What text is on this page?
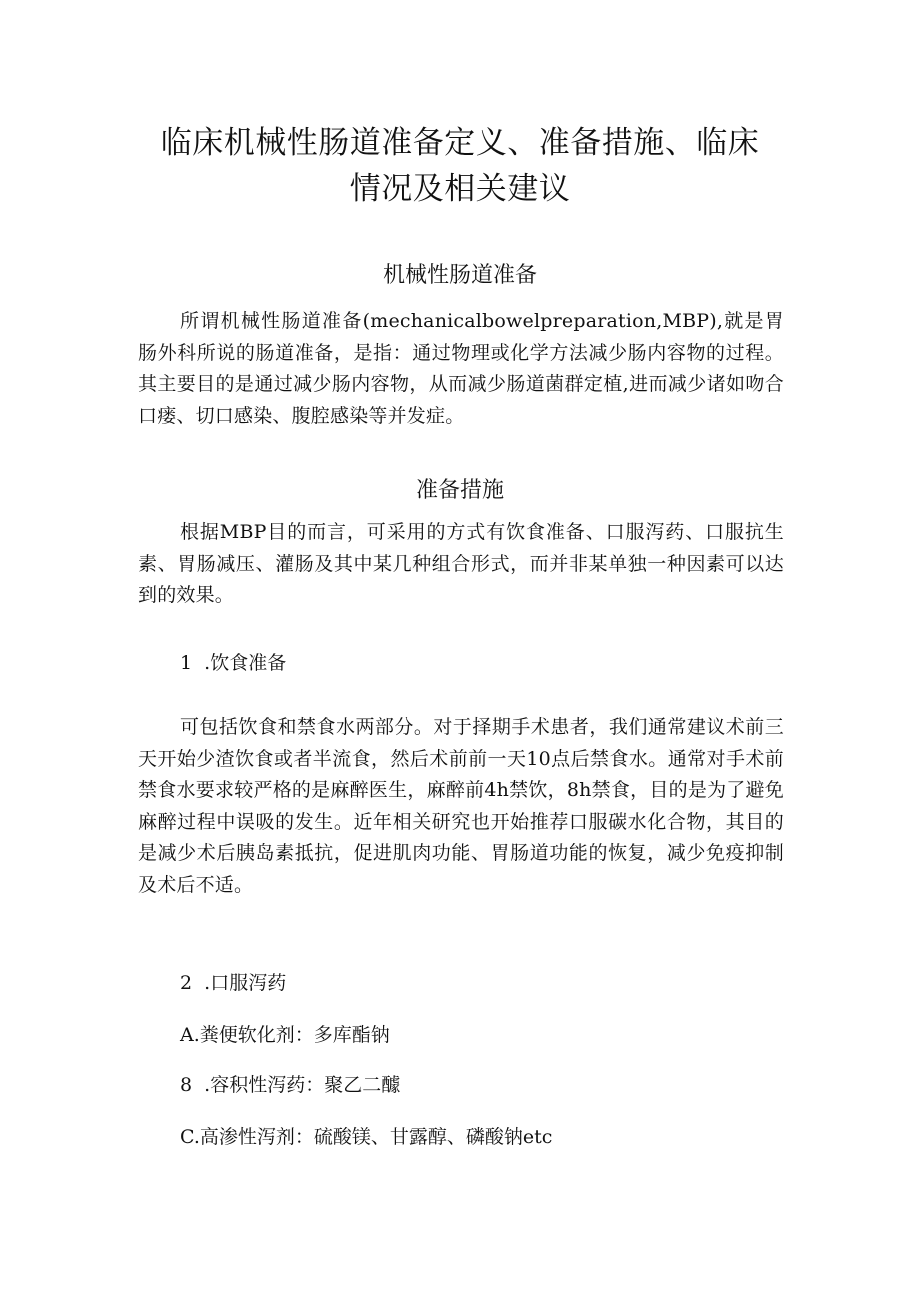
临床机械性肠道准备定义、准备措施、临床
情况及相关建议
机械性肠道准备

所谓机械性肠道准备(mechanicalbowelpreparation,MBP),就是胃肠外科所说的肠道准备，是指：通过物理或化学方法减少肠内容物的过程。其主要目的是通过减少肠内容物，从而减少肠道菌群定植,进而减少诸如吻合口瘘、切口感染、腹腔感染等并发症。

准备措施

根据MBP目的而言，可采用的方式有饮食准备、口服泻药、口服抗生素、胃肠减压、灌肠及其中某几种组合形式，而并非某单独一种因素可以达到的效果。

1  .饮食准备

可包括饮食和禁食水两部分。对于择期手术患者，我们通常建议术前三天开始少渣饮食或者半流食，然后术前前一天10点后禁食水。通常对手术前禁食水要求较严格的是麻醉医生，麻醉前4h禁饮，8h禁食，目的是为了避免麻醉过程中误吸的发生。近年相关研究也开始推荐口服碳水化合物，其目的是减少术后胰岛素抵抗，促进肌肉功能、胃肠道功能的恢复，减少免疫抑制及术后不适。

2  .口服泻药

A.粪便软化剂：多库酯钠

8  .容积性泻药：聚乙二醵

C.高渗性泻剂：硫酸镁、甘露醇、磷酸钠etc
